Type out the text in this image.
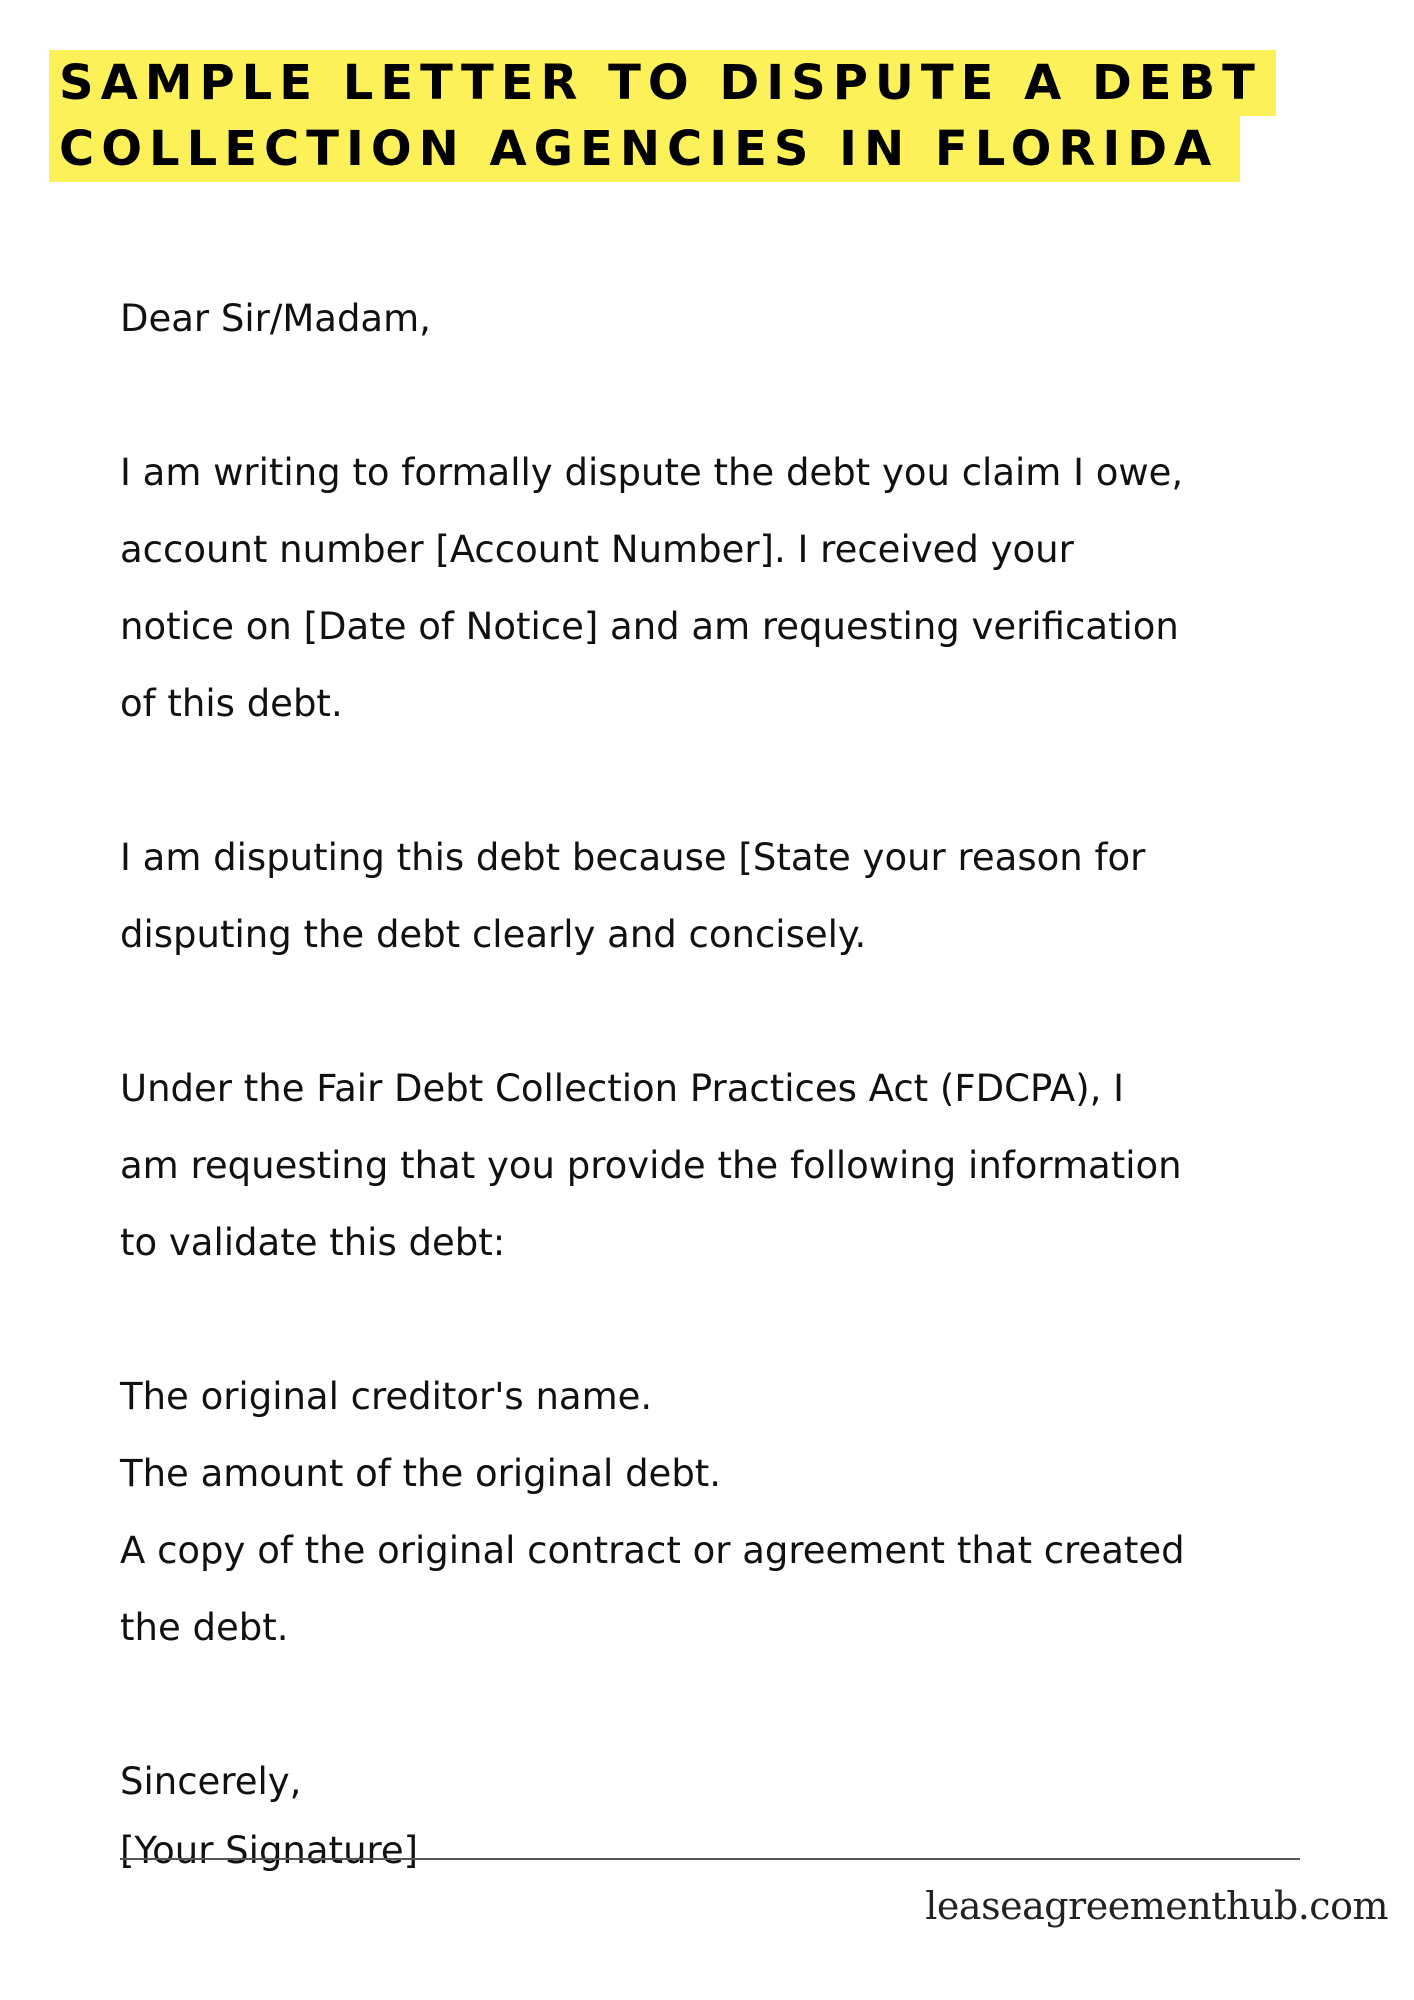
SAMPLE LETTER TO DISPUTE A DEBT
COLLECTION AGENCIES IN FLORIDA
Dear Sir/Madam,
I am writing to formally dispute the debt you claim I owe,
account number [Account Number]. I received your
notice on [Date of Notice] and am requesting verification
of this debt.
I am disputing this debt because [State your reason for
disputing the debt clearly and concisely.
Under the Fair Debt Collection Practices Act (FDCPA), I
am requesting that you provide the following information
to validate this debt:
The original creditor's name.
The amount of the original debt.
A copy of the original contract or agreement that created
the debt.
Sincerely,
[Your Signature]
leaseagreementhub.com
